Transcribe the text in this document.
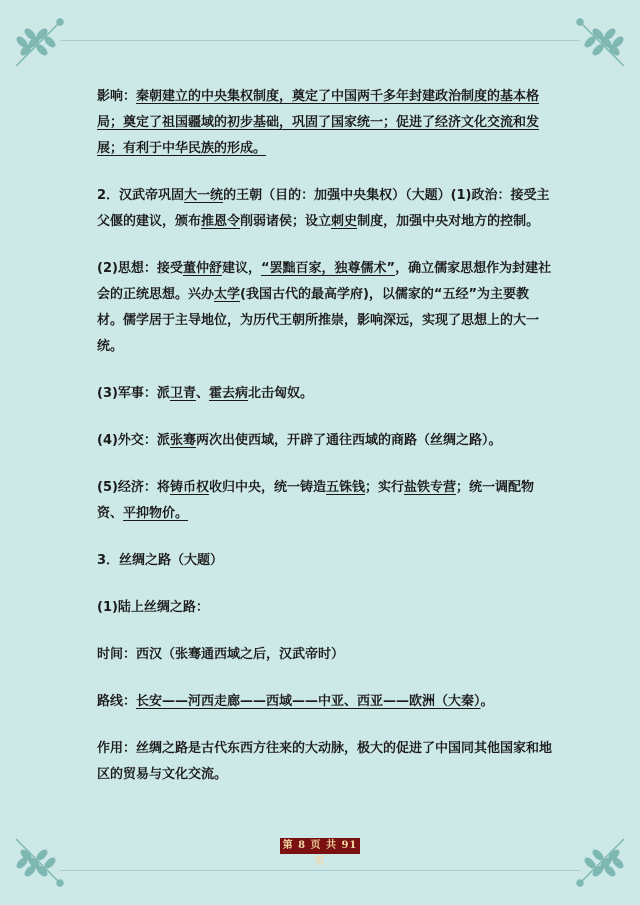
影响：秦朝建立的中央集权制度，奠定了中国两千多年封建政治制度的基本格局；奠定了祖国疆域的初步基础，巩固了国家统一；促进了经济文化交流和发展；有利于中华民族的形成。

2．汉武帝巩固大一统的王朝（目的：加强中央集权）（大题）(1)政治：接受主父偃的建议，颁布推恩令削弱诸侯；设立刺史制度，加强中央对地方的控制。

(2)思想：接受董仲舒建议，“罢黜百家，独尊儒术”，确立儒家思想作为封建社会的正统思想。兴办太学(我国古代的最高学府)，以儒家的“五经”为主要教材。儒学居于主导地位，为历代王朝所推崇，影响深远，实现了思想上的大一统。

(3)军事：派卫青、霍去病北击匈奴。

(4)外交：派张骞两次出使西域，开辟了通往西域的商路（丝绸之路）。

(5)经济：将铸币权收归中央，统一铸造五铢钱；实行盐铁专营；统一调配物资、平抑物价。

3．丝绸之路（大题）

(1)陆上丝绸之路：

时间：西汉（张骞通西域之后，汉武帝时）

路线：长安——河西走廊——西域——中亚、西亚——欧洲（大秦）。

作用：丝绸之路是古代东西方往来的大动脉，极大的促进了中国同其他国家和地区的贸易与文化交流。

第 8 页 共 91 页
